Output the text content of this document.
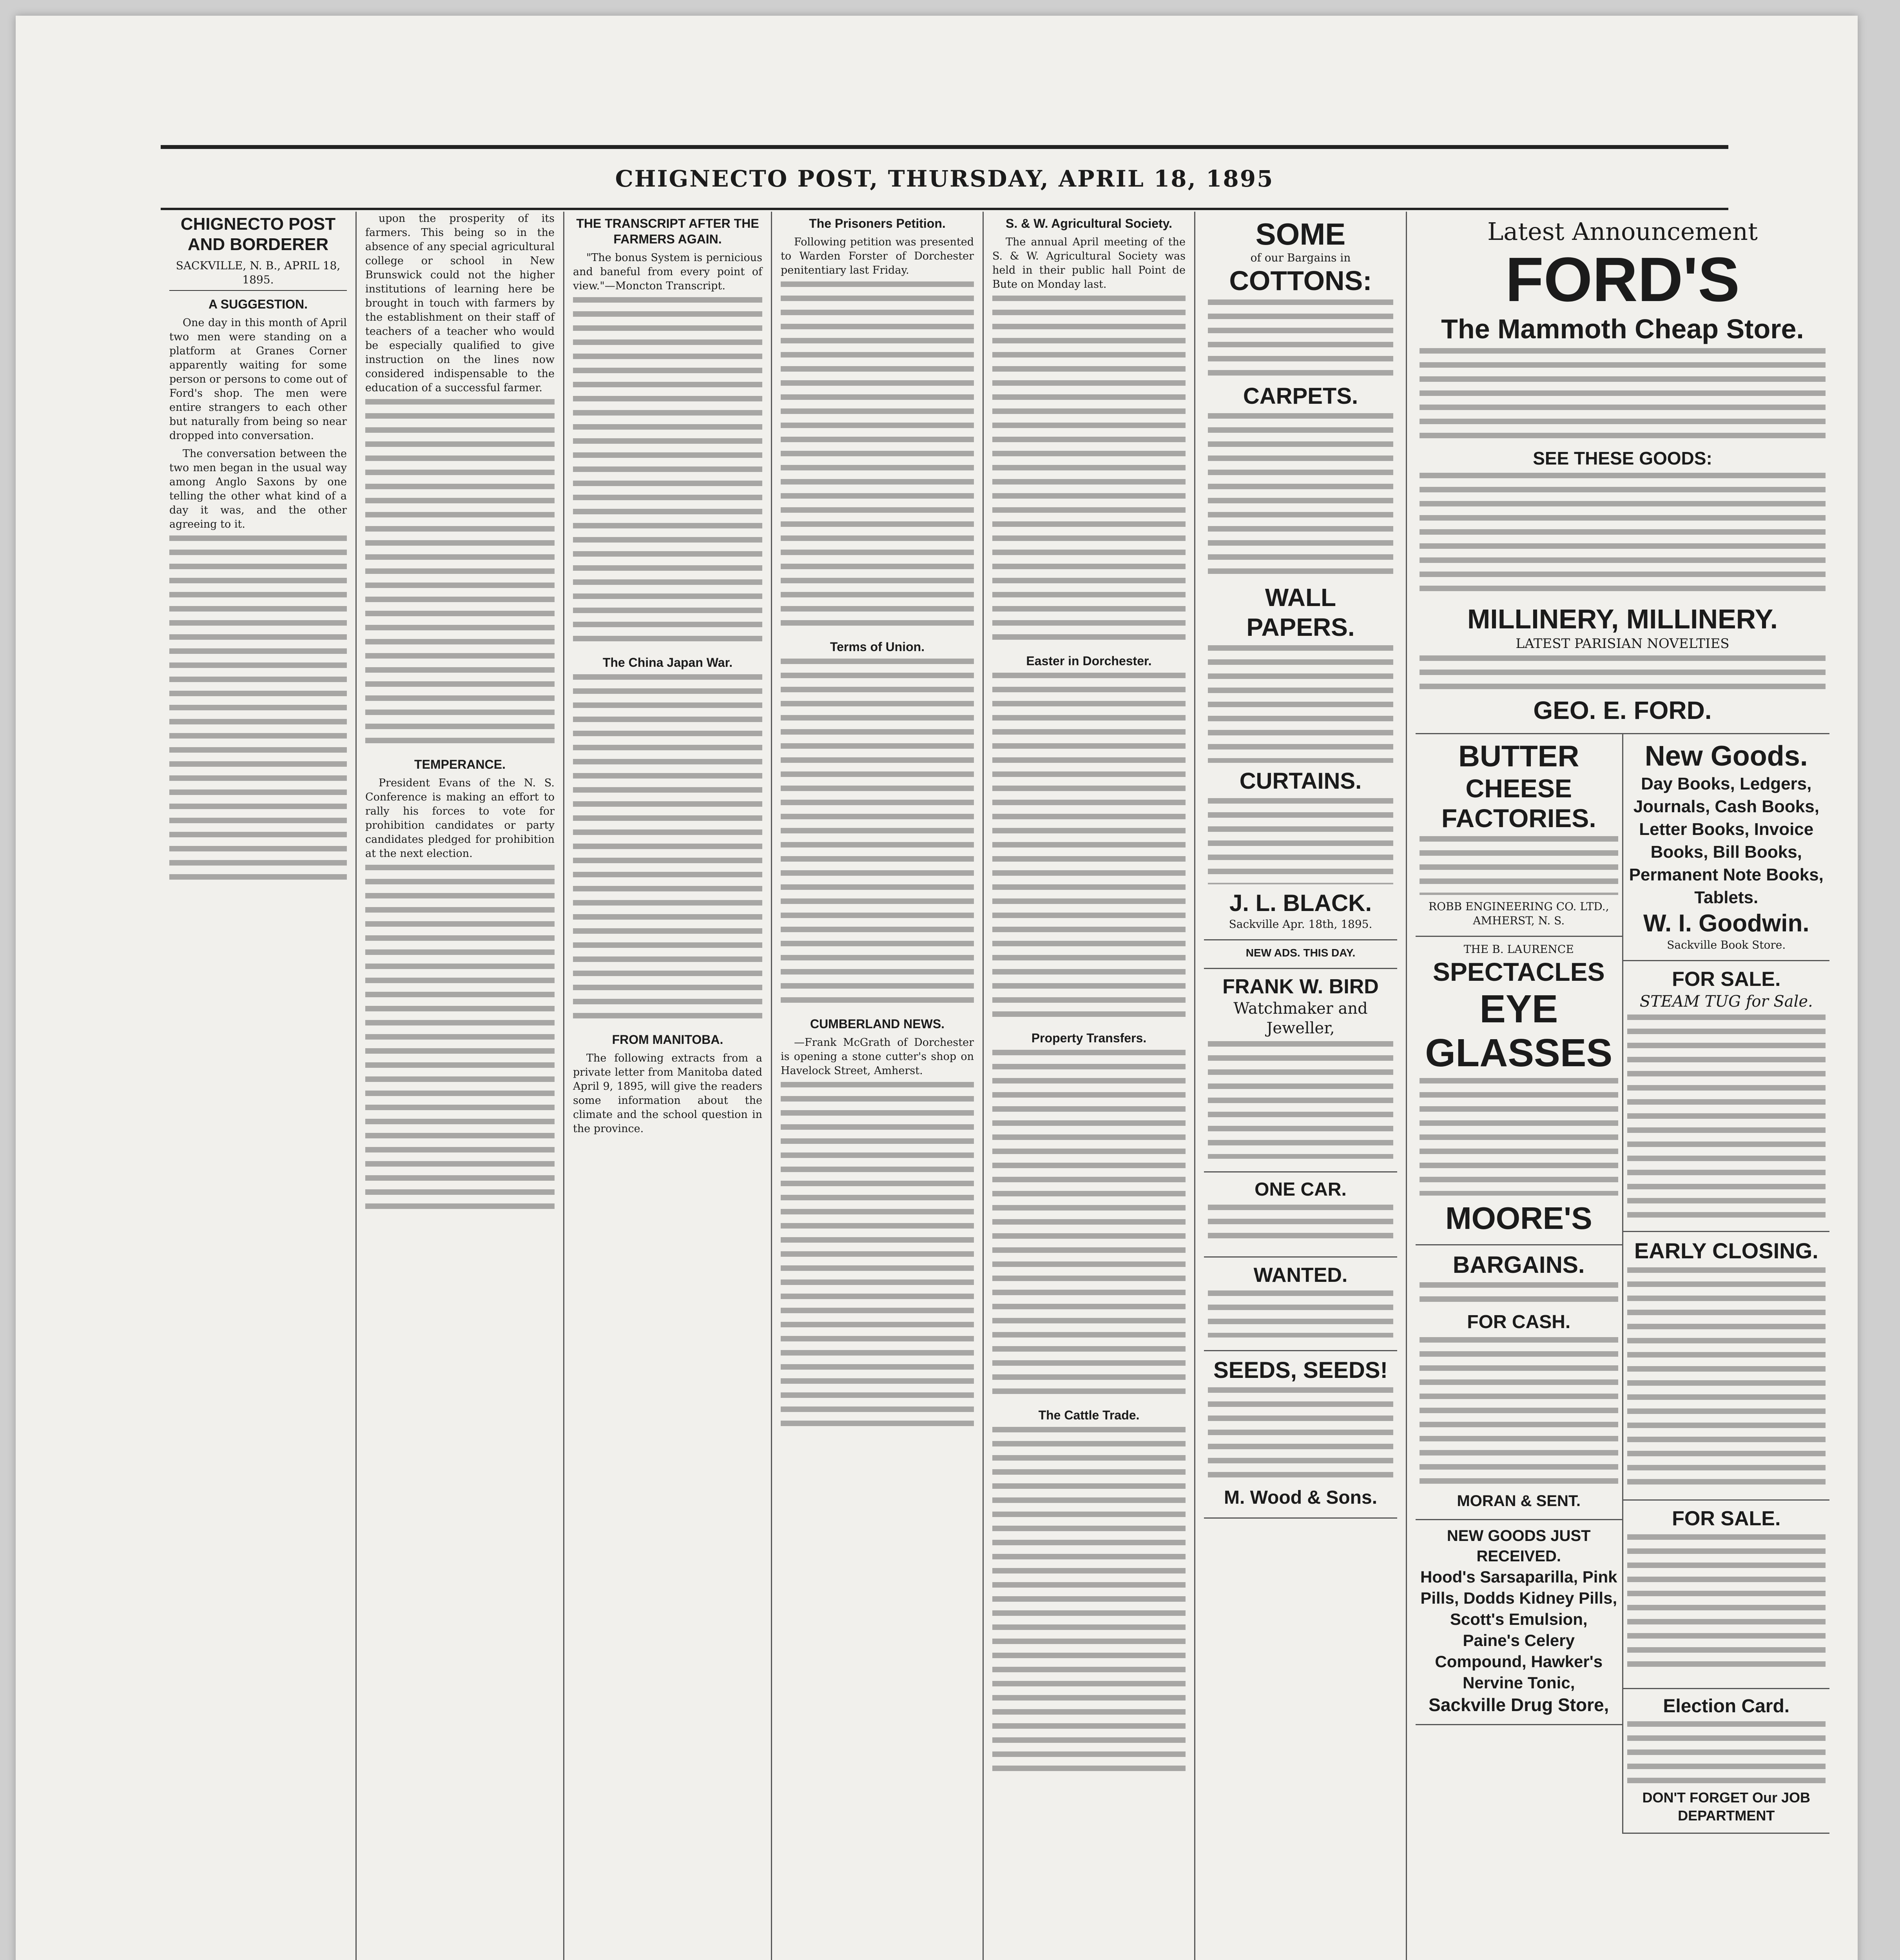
CHIGNECTO POST, THURSDAY, APRIL 18, 1895
CHIGNECTO POST AND BORDERER
SACKVILLE, N. B., APRIL 18, 1895.
A SUGGESTION.

One day in this month of April two men were standing on a platform at Granes Corner apparently waiting for some person or persons to come out of Ford's shop. The men were entire strangers to each other but naturally from being so near dropped into conversation.

The conversation between the two men began in the usual way among Anglo Saxons by one telling the other what kind of a day it was, and the other agreeing to it.

upon the prosperity of its farmers. This being so in the absence of any special agricultural college or school in New Brunswick could not the higher institutions of learning here be brought in touch with farmers by the establishment on their staff of teachers of a teacher who would be especially qualified to give instruction on the lines now considered indispensable to the education of a successful farmer.

TEMPERANCE.

President Evans of the N. S. Conference is making an effort to rally his forces to vote for prohibition candidates or party candidates pledged for prohibition at the next election.

THE TRANSCRIPT AFTER THE FARMERS AGAIN.

"The bonus System is pernicious and baneful from every point of view."—Moncton Transcript.

The China Japan War.
FROM MANITOBA.

The following extracts from a private letter from Manitoba dated April 9, 1895, will give the readers some information about the climate and the school question in the province.

The Prisoners Petition.

Following petition was presented to Warden Forster of Dorchester penitentiary last Friday.

Terms of Union.
CUMBERLAND NEWS.

—Frank McGrath of Dorchester is opening a stone cutter's shop on Havelock Street, Amherst.

S. & W. Agricultural Society.

The annual April meeting of the S. & W. Agricultural Society was held in their public hall Point de Bute on Monday last.

Easter in Dorchester.
Property Transfers.
The Cattle Trade.
SOME
of our Bargains in
COTTONS:
CARPETS.
WALL PAPERS.
CURTAINS.
J. L. BLACK.
Sackville Apr. 18th, 1895.
NEW ADS. THIS DAY.
FRANK W. BIRD
Watchmaker and Jeweller,
ONE CAR.
WANTED.
SEEDS, SEEDS!
M. Wood & Sons.
Latest Announcement
FORD'S
The Mammoth Cheap Store.
SEE THESE GOODS:
MILLINERY, MILLINERY.
LATEST PARISIAN NOVELTIES
GEO. E. FORD.
BUTTER
CHEESE FACTORIES.
ROBB ENGINEERING CO. LTD., AMHERST, N. S.
THE B. LAURENCE
SPECTACLES
EYE GLASSES
MOORE'S
BARGAINS.
FOR CASH.
MORAN & SENT.
NEW GOODS JUST RECEIVED.
Hood's Sarsaparilla, Pink Pills, Dodds Kidney Pills, Scott's Emulsion, Paine's Celery Compound, Hawker's Nervine Tonic,
Sackville Drug Store,
New Goods.
Day Books, Ledgers, Journals, Cash Books, Letter Books, Invoice Books, Bill Books, Permanent Note Books, Tablets.
W. I. Goodwin.
Sackville Book Store.
FOR SALE.
STEAM TUG for Sale.
EARLY CLOSING.
FOR SALE.
Election Card.
DON'T FORGET Our JOB DEPARTMENT
